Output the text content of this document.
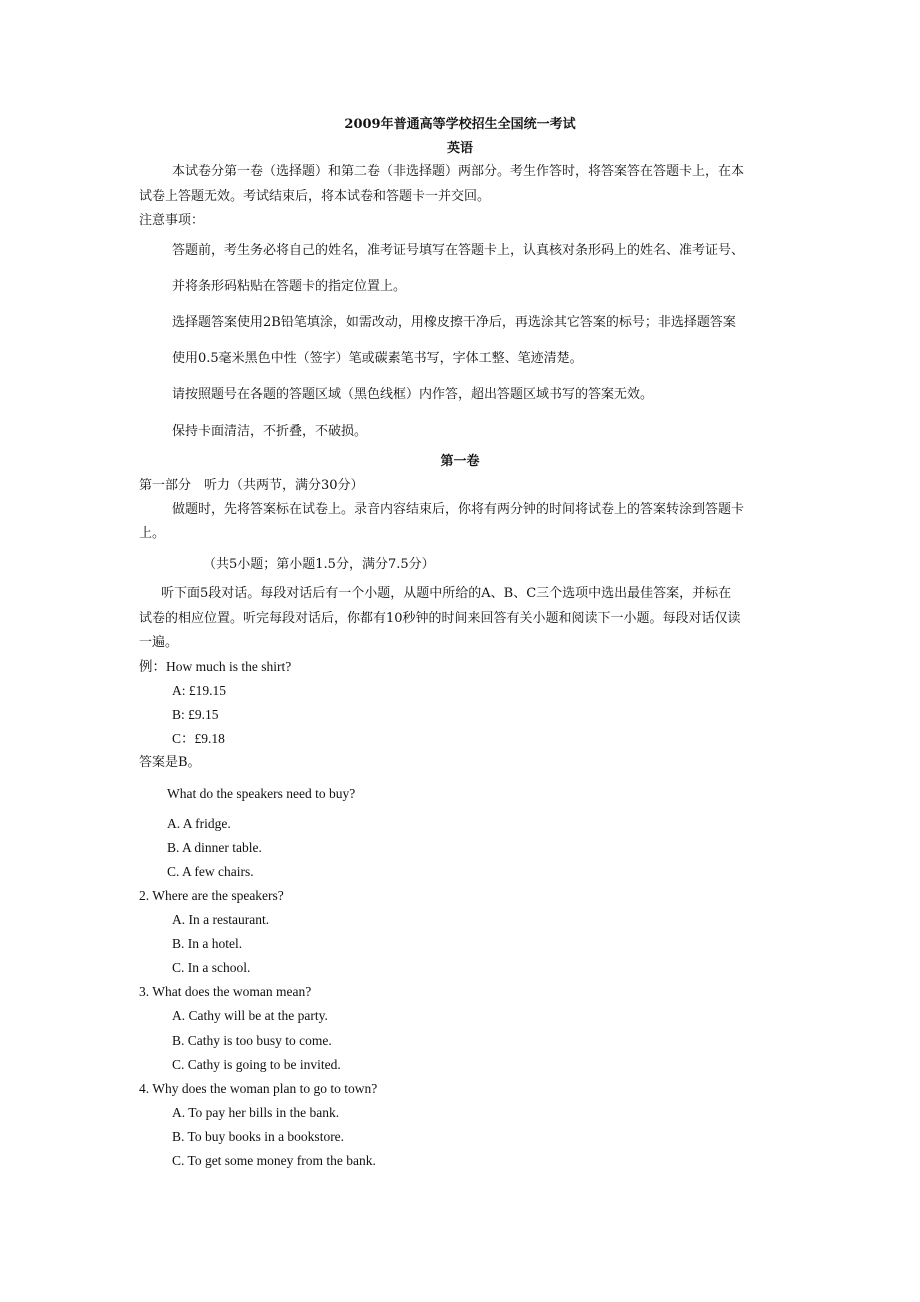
2009年普通高等学校招生全国统一考试
英语
本试卷分第一卷（选择题）和第二卷（非选择题）两部分。考生作答时，将答案答在答题卡上，在本
试卷上答题无效。考试结束后，将本试卷和答题卡一并交回。
注意事项：
答题前，考生务必将自己的姓名，准考证号填写在答题卡上，认真核对条形码上的姓名、准考证号、
并将条形码粘贴在答题卡的指定位置上。
选择题答案使用2B铅笔填涂，如需改动，用橡皮擦干净后，再选涂其它答案的标号；非选择题答案
使用0.5毫米黑色中性（签字）笔或碳素笔书写，字体工整、笔迹清楚。
请按照题号在各题的答题区域（黑色线框）内作答，超出答题区域书写的答案无效。
保持卡面清洁，不折叠，不破损。
第一卷
第一部分　听力（共两节，满分30分）
做题时，先将答案标在试卷上。录音内容结束后，你将有两分钟的时间将试卷上的答案转涂到答题卡
上。
（共5小题；第小题1.5分，满分7.5分）
听下面5段对话。每段对话后有一个小题，从题中所给的A、B、C三个选项中选出最佳答案，并标在
试卷的相应位置。听完每段对话后，你都有10秒钟的时间来回答有关小题和阅读下一小题。每段对话仅读
一遍。
例：How much is the shirt?
A: £19.15
B: £9.15
C：£9.18
答案是B。
What do the speakers need to buy?
A. A fridge.
B. A dinner table.
C. A few chairs.
2. Where are the speakers?
A. In a restaurant.
B. In a hotel.
C. In a school.
3. What does the woman mean?
A. Cathy will be at the party.
B. Cathy is too busy to come.
C. Cathy is going to be invited.
4. Why does the woman plan to go to town?
A. To pay her bills in the bank.
B. To buy books in a bookstore.
C. To get some money from the bank.
